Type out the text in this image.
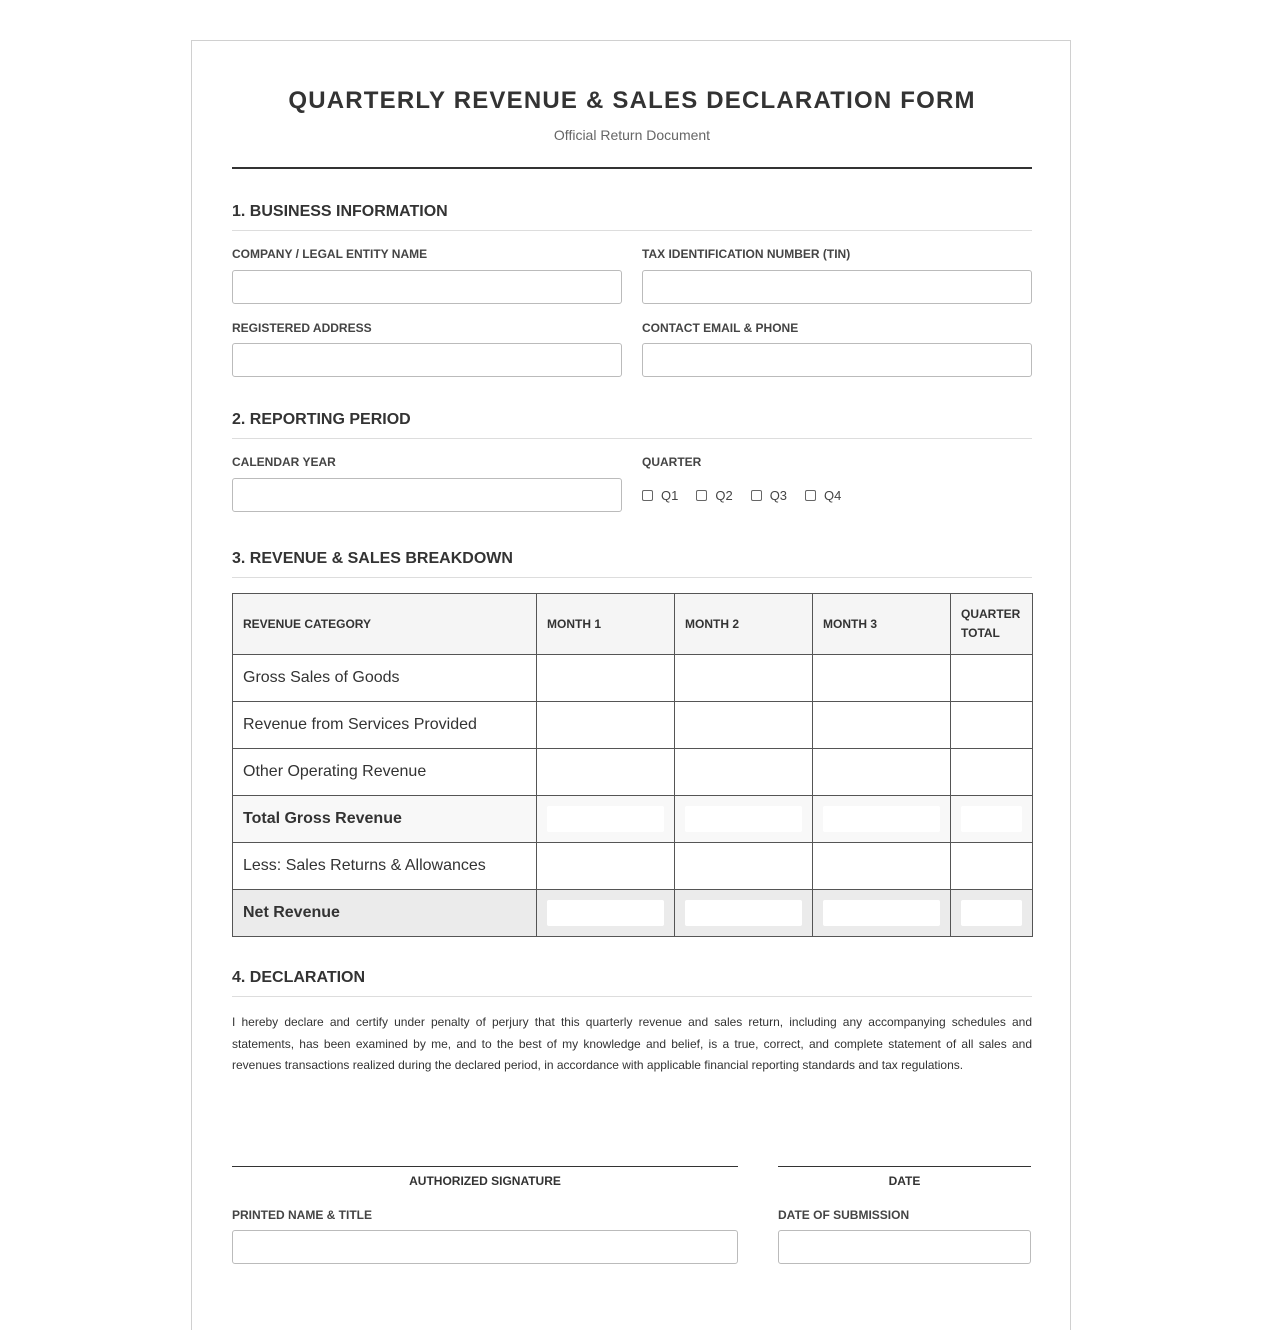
QUARTERLY REVENUE & SALES DECLARATION FORM
Official Return Document
1. BUSINESS INFORMATION
COMPANY / LEGAL ENTITY NAME	TAX IDENTIFICATION NUMBER (TIN)
REGISTERED ADDRESS	CONTACT EMAIL & PHONE
2. REPORTING PERIOD
CALENDAR YEAR	QUARTER
Q1	Q2	Q3	Q4
3. REVENUE & SALES BREAKDOWN
REVENUE CATEGORY	MONTH 1	MONTH 2	MONTH 3	QUARTER TOTAL
Gross Sales of Goods				
Revenue from Services Provided				
Other Operating Revenue				
Total Gross Revenue	

Less: Sales Returns & Allowances				
Net Revenue	

4. DECLARATION
I hereby declare and certify under penalty of perjury that this quarterly revenue and sales return, including any accompanying schedules and statements, has been examined by me, and to the best of my knowledge and belief, is a true, correct, and complete statement of all sales and revenues transactions realized during the declared period, in accordance with applicable financial reporting standards and tax regulations.
AUTHORIZED SIGNATURE	DATE
PRINTED NAME & TITLE	DATE OF SUBMISSION
